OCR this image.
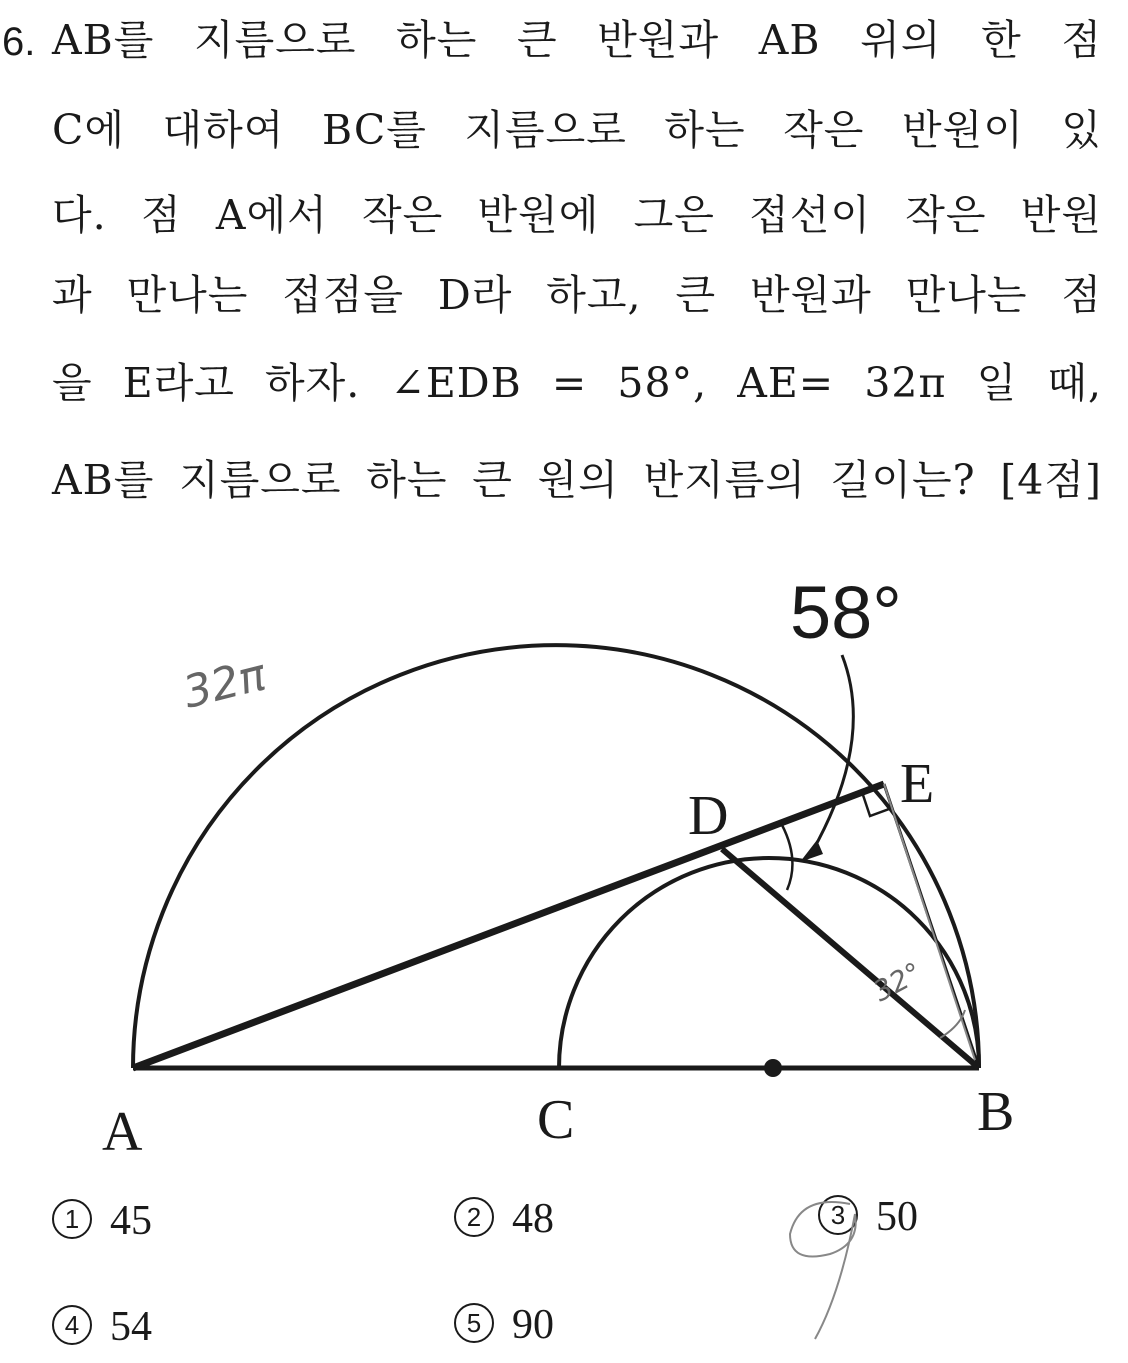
6. AB를 지름으로 하는 큰 반원과 AB 위의 한 점
C에 대하여 BC를 지름으로 하는 작은 반원이 있
다. 점 A에서 작은 반원에 그은 접선이 작은 반원
과 만나는 접점을 D라 하고, 큰 반원과 만나는 점
을 E라고 하자. ∠EDB = 58°, AE= 32π 일 때,
AB를 지름으로 하는 큰 원의 반지름의 길이는? [4점]
A	B
C
D
E
58°
32π
32°
1 45	2 48	3 50
4 54	5 90
